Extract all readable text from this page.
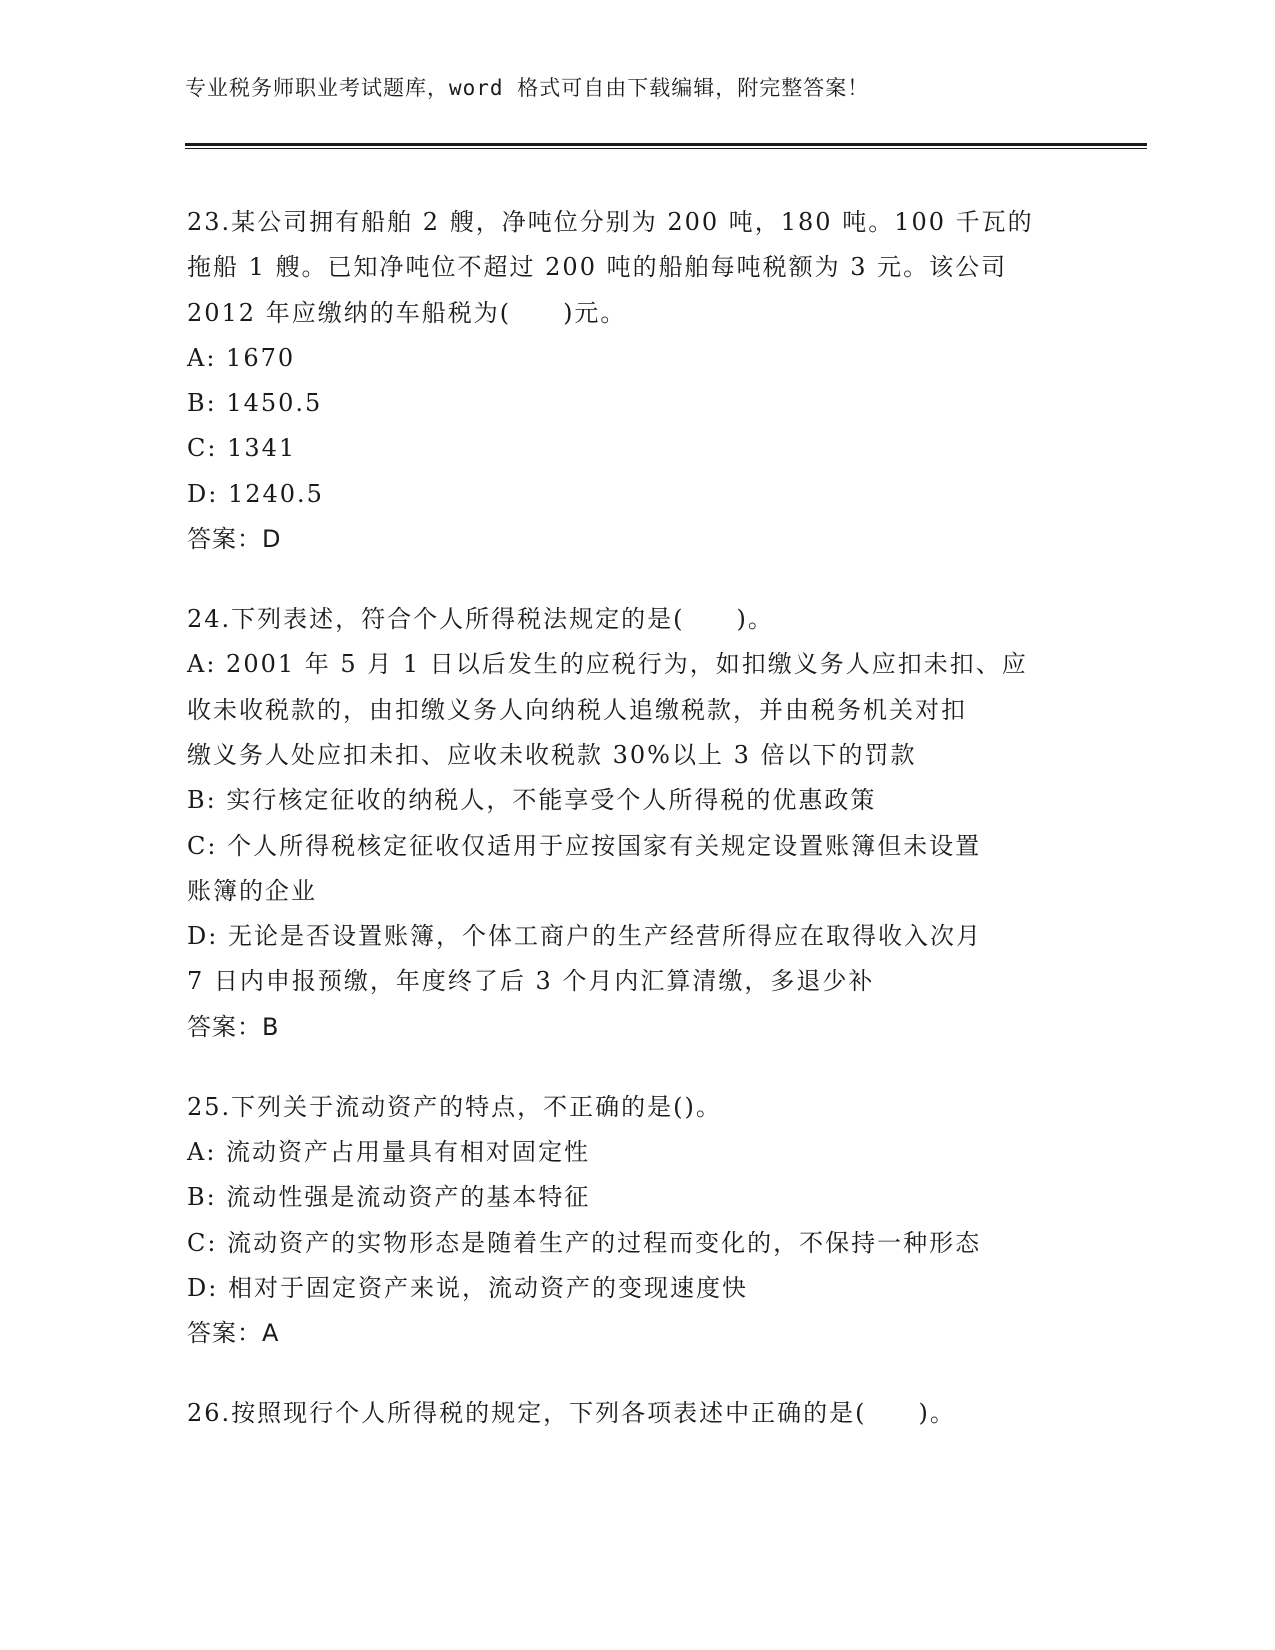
专业税务师职业考试题库，word 格式可自由下载编辑，附完整答案！
23.某公司拥有船舶 2 艘，净吨位分别为 200 吨，180 吨。100 千瓦的
拖船 1 艘。已知净吨位不超过 200 吨的船舶每吨税额为 3 元。该公司
2012 年应缴纳的车船税为(　　)元。
A: 1670
B: 1450.5
C: 1341
D: 1240.5
答案：D
24.下列表述，符合个人所得税法规定的是(　　)。
A: 2001 年 5 月 1 日以后发生的应税行为，如扣缴义务人应扣未扣、应
收未收税款的，由扣缴义务人向纳税人追缴税款，并由税务机关对扣
缴义务人处应扣未扣、应收未收税款 30%以上 3 倍以下的罚款
B: 实行核定征收的纳税人，不能享受个人所得税的优惠政策
C: 个人所得税核定征收仅适用于应按国家有关规定设置账簿但未设置
账簿的企业
D: 无论是否设置账簿，个体工商户的生产经营所得应在取得收入次月
7 日内申报预缴，年度终了后 3 个月内汇算清缴，多退少补
答案：B
25.下列关于流动资产的特点，不正确的是()。
A: 流动资产占用量具有相对固定性
B: 流动性强是流动资产的基本特征
C: 流动资产的实物形态是随着生产的过程而变化的，不保持一种形态
D: 相对于固定资产来说，流动资产的变现速度快
答案：A
26.按照现行个人所得税的规定，下列各项表述中正确的是(　　)。
